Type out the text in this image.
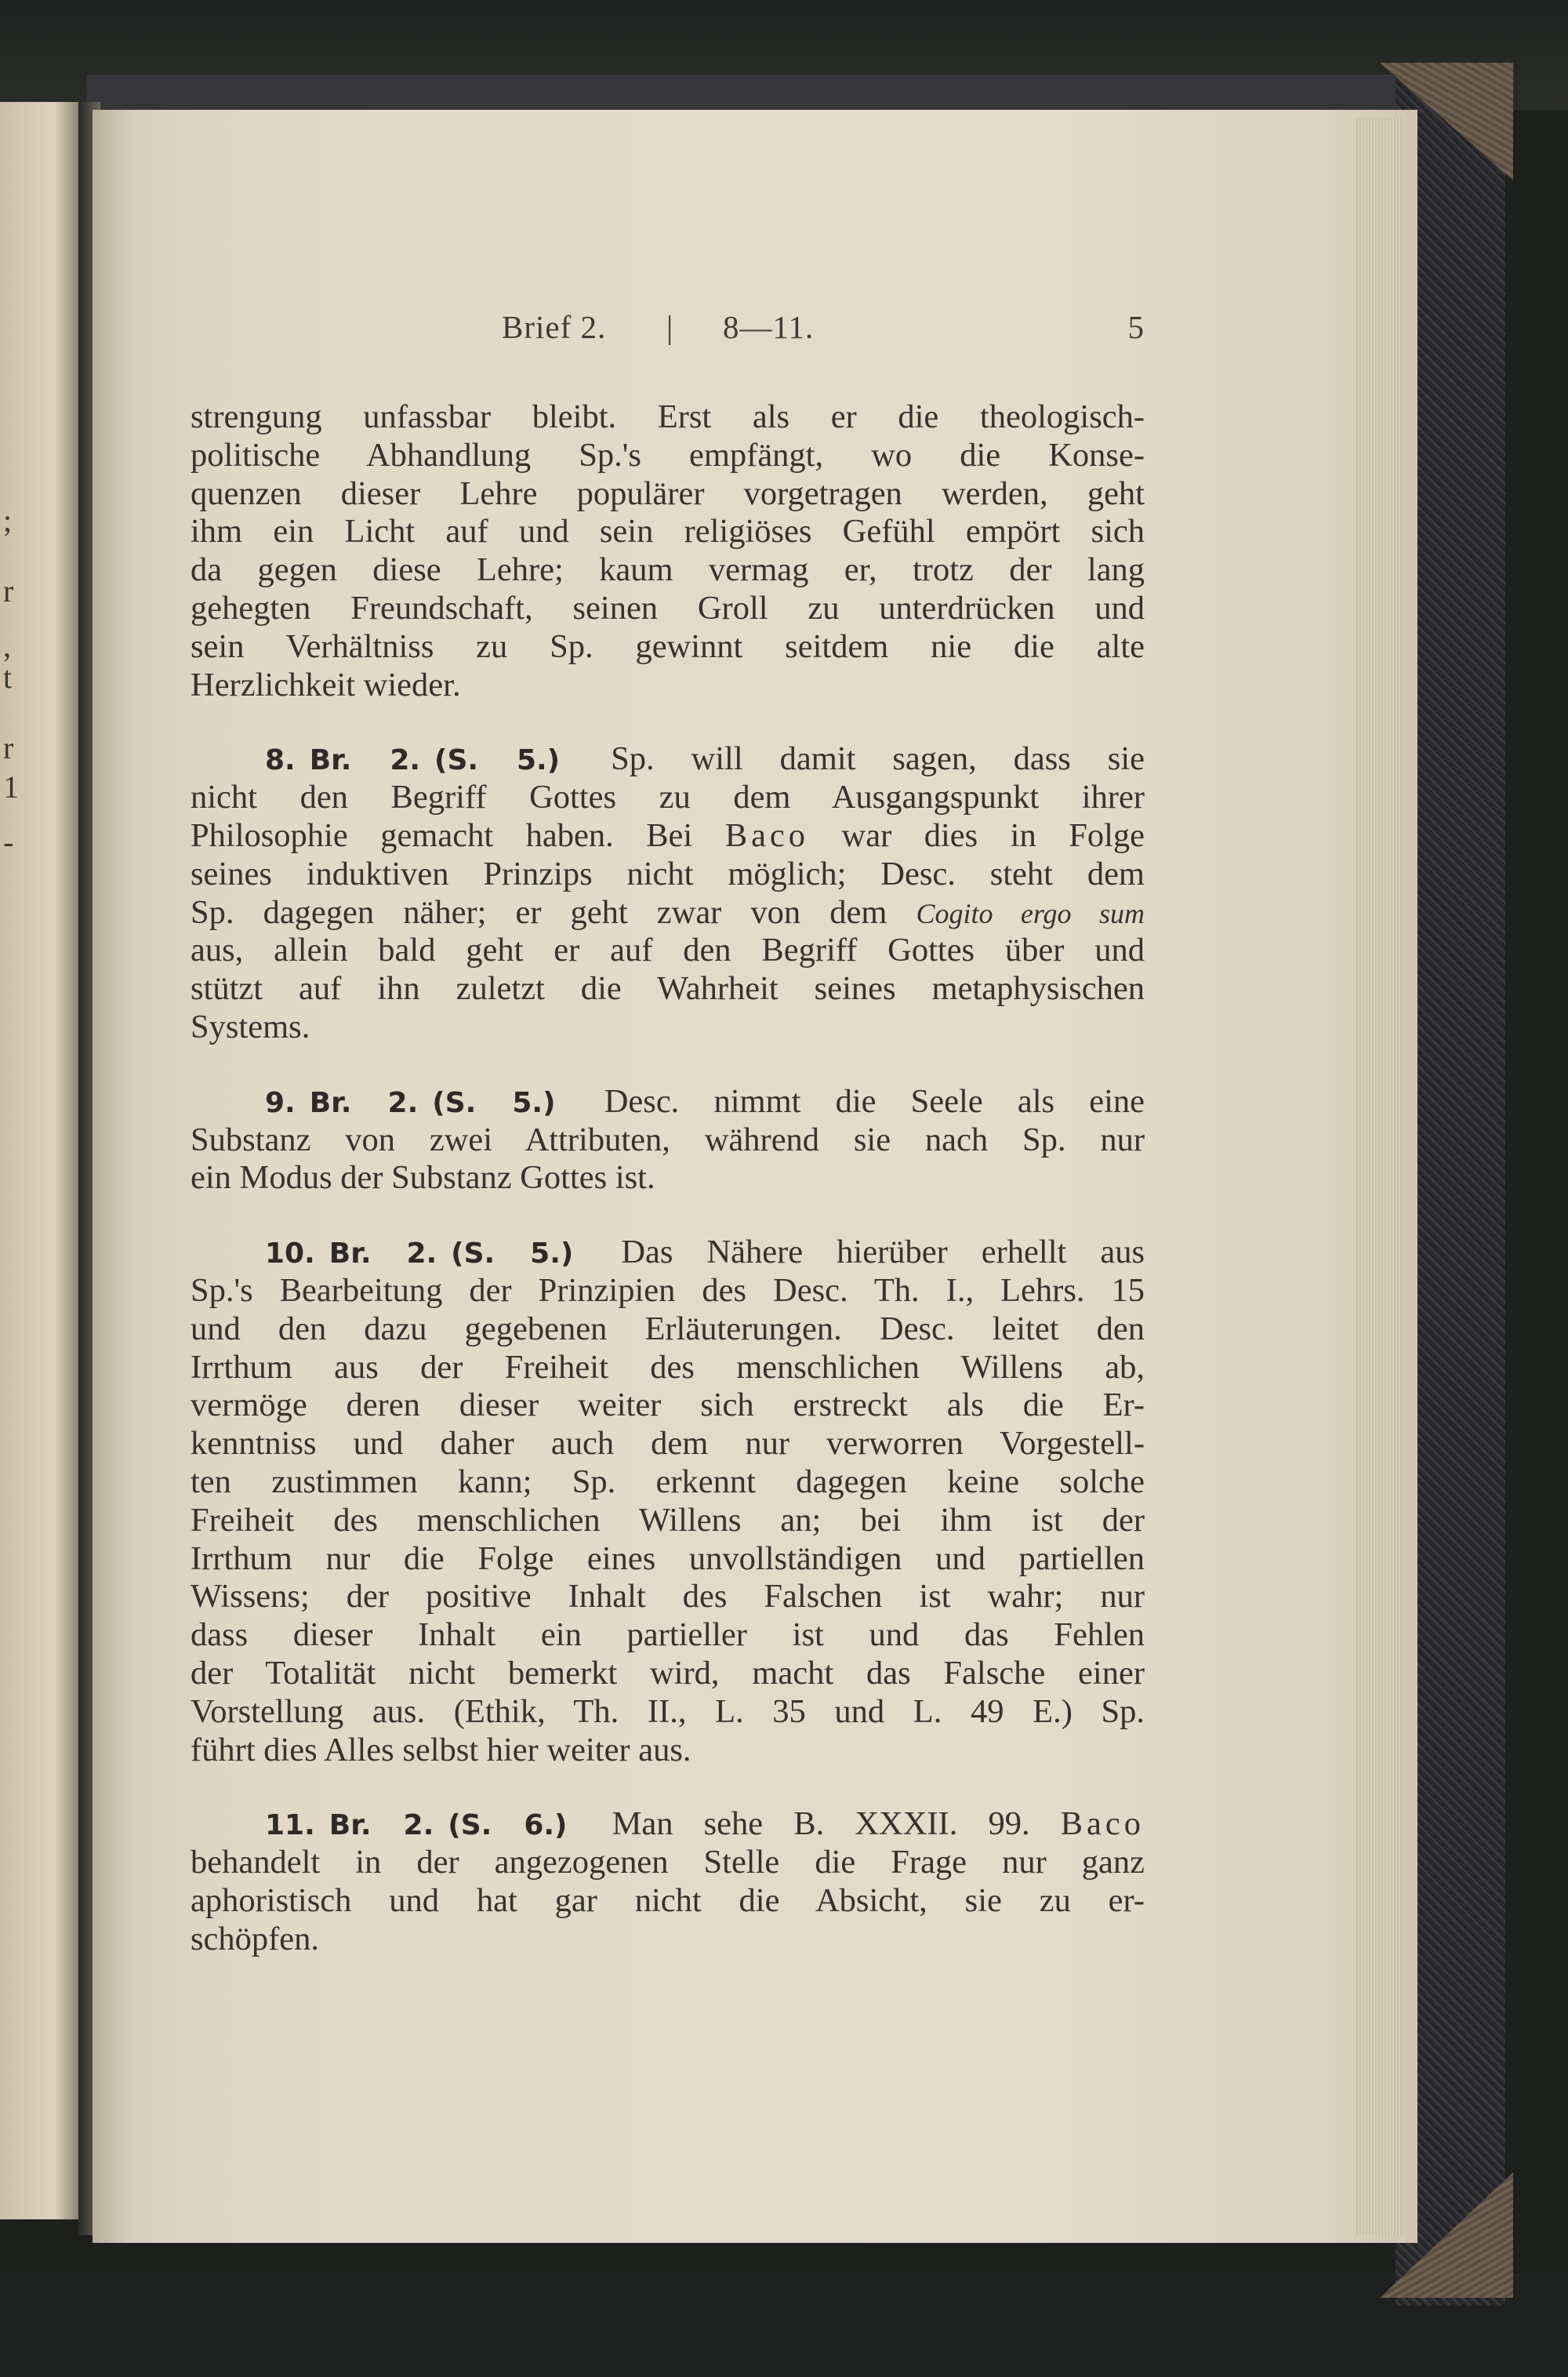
;
r
,
t
r
1
-
Brief 2. | 8—11.	5
strengung unfassbar bleibt. Erst als er die theologisch-
politische Abhandlung Sp.'s empfängt, wo die Konse-
quenzen dieser Lehre populärer vorgetragen werden, geht
ihm ein Licht auf und sein religiöses Gefühl empört sich
da gegen diese Lehre; kaum vermag er, trotz der lang
gehegten Freundschaft, seinen Groll zu unterdrücken und
sein Verhältniss zu Sp. gewinnt seitdem nie die alte
Herzlichkeit wieder.
8. Br. 2. (S. 5.) Sp. will damit sagen, dass sie
nicht den Begriff Gottes zu dem Ausgangspunkt ihrer
Philosophie gemacht haben. Bei Baco war dies in Folge
seines induktiven Prinzips nicht möglich; Desc. steht dem
Sp. dagegen näher; er geht zwar von dem Cogito ergo sum
aus, allein bald geht er auf den Begriff Gottes über und
stützt auf ihn zuletzt die Wahrheit seines metaphysischen
Systems.
9. Br. 2. (S. 5.) Desc. nimmt die Seele als eine
Substanz von zwei Attributen, während sie nach Sp. nur
ein Modus der Substanz Gottes ist.
10. Br. 2. (S. 5.) Das Nähere hierüber erhellt aus
Sp.'s Bearbeitung der Prinzipien des Desc. Th. I., Lehrs. 15
und den dazu gegebenen Erläuterungen. Desc. leitet den
Irrthum aus der Freiheit des menschlichen Willens ab,
vermöge deren dieser weiter sich erstreckt als die Er-
kenntniss und daher auch dem nur verworren Vorgestell-
ten zustimmen kann; Sp. erkennt dagegen keine solche
Freiheit des menschlichen Willens an; bei ihm ist der
Irrthum nur die Folge eines unvollständigen und partiellen
Wissens; der positive Inhalt des Falschen ist wahr; nur
dass dieser Inhalt ein partieller ist und das Fehlen
der Totalität nicht bemerkt wird, macht das Falsche einer
Vorstellung aus. (Ethik, Th. II., L. 35 und L. 49 E.) Sp.
führt dies Alles selbst hier weiter aus.
11. Br. 2. (S. 6.) Man sehe B. XXXII. 99. Baco
behandelt in der angezogenen Stelle die Frage nur ganz
aphoristisch und hat gar nicht die Absicht, sie zu er-
schöpfen.
